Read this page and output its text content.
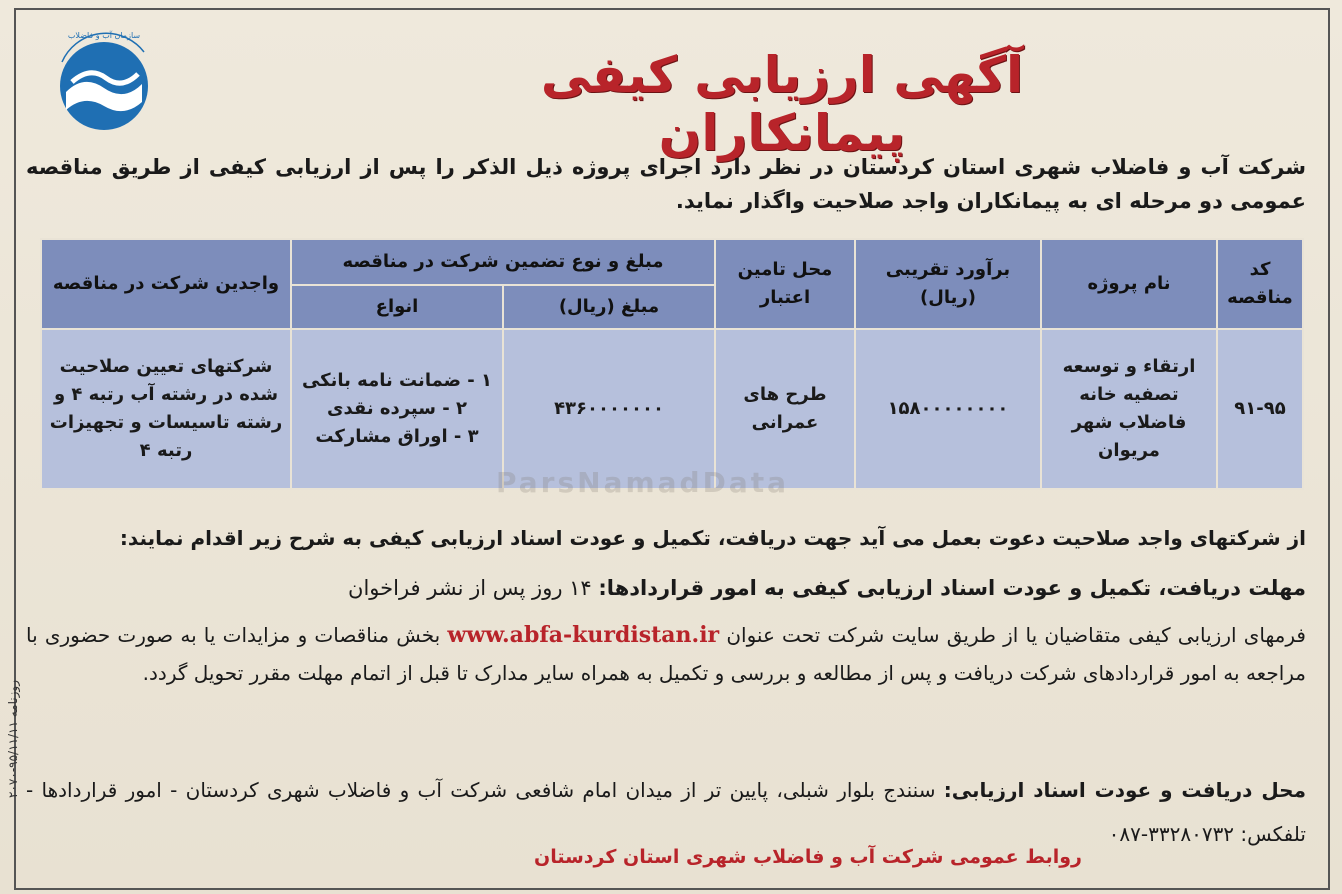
سازمان آب و فاضلاب
آگهی ارزیابی کیفی پیمانکاران
شرکت آب و فاضلاب شهری استان کردستان در نظر دارد اجرای پروژه ذیل الذکر را پس از ارزیابی کیفی از طریق مناقصه عمومی دو مرحله ای به پیمانکاران واجد صلاحیت واگذار نماید.
کد مناقصه	نام پروژه	برآورد تقریبی (ریال)	محل تامین اعتبار	مبلغ و نوع تضمین شرکت در مناقصه		واجدین شرکت در مناقصه
				مبلغ (ریال)	انواع	
۹۱-۹۵	ارتقاء و توسعه تصفیه خانه فاضلاب شهر مریوان	۱۵۸۰۰۰۰۰۰۰۰	طرح های عمرانی	۴۳۶۰۰۰۰۰۰۰	۱ - ضمانت نامه بانکی
۲ - سپرده نقدی
۳ - اوراق مشارکت	شرکتهای تعیین صلاحیت شده در رشته آب رتبه ۴ و رشته تاسیسات و تجهیزات رتبه ۴
ParsNamadData
از شرکتهای واجد صلاحیت دعوت بعمل می آید جهت دریافت، تکمیل و عودت اسناد ارزیابی کیفی به شرح زیر اقدام نمایند:
مهلت دریافت، تکمیل و عودت اسناد ارزیابی کیفی به امور قراردادها: ۱۴ روز پس از نشر فراخوان
فرمهای ارزیابی کیفی متقاضیان یا از طریق سایت شرکت تحت عنوان www.abfa-kurdistan.ir بخش مناقصات و مزایدات یا به صورت حضوری با مراجعه به امور قراردادهای شرکت دریافت و پس از مطالعه و بررسی و تکمیل به همراه سایر مدارک تا قبل از اتمام مهلت مقرر تحویل گردد.
محل دریافت و عودت اسناد ارزیابی: سنندج بلوار شبلی، پایین تر از میدان امام شافعی شرکت آب و فاضلاب شهری کردستان - امور قراردادها - تلفکس: ۳۳۲۸۰۷۳۲-۰۸۷
روابط عمومی شرکت آب و فاضلاب شهری استان کردستان
روزنامه ۹۵/۱۱/۱۱-۲۰۷۰
